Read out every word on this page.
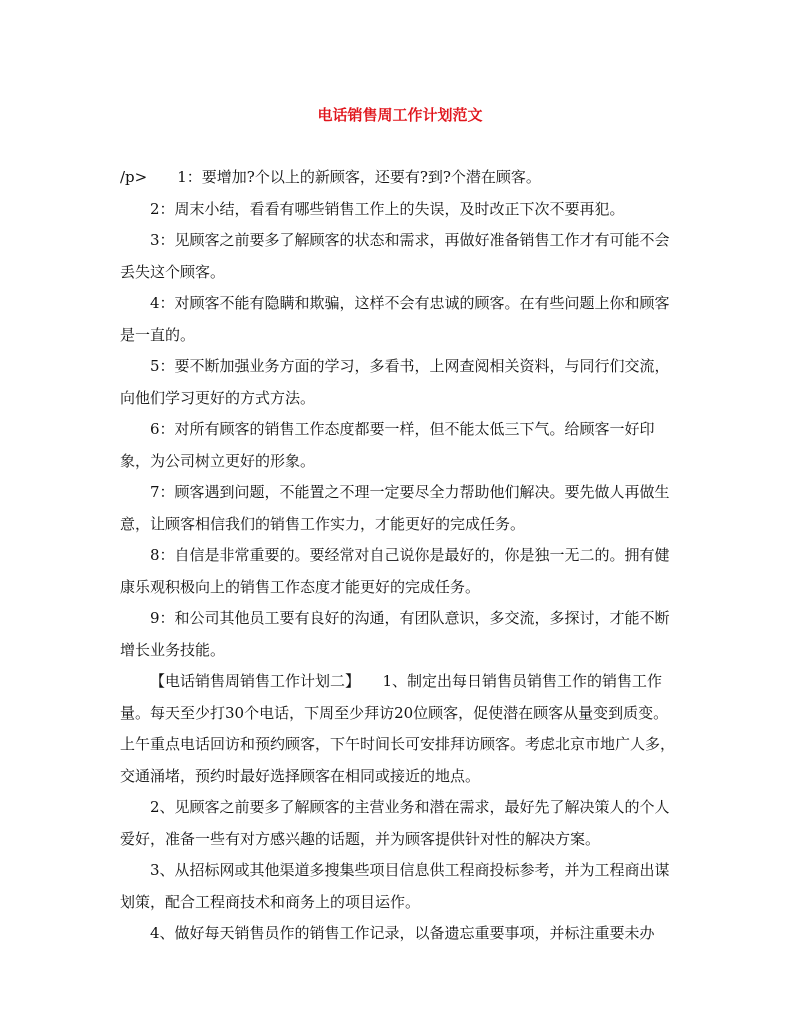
电话销售周工作计划范文

/p> 1：要增加?个以上的新顾客，还要有?到?个潜在顾客。

2：周末小结，看看有哪些销售工作上的失误，及时改正下次不要再犯。

3：见顾客之前要多了解顾客的状态和需求，再做好准备销售工作才有可能不会丢失这个顾客。

4：对顾客不能有隐瞒和欺骗，这样不会有忠诚的顾客。在有些问题上你和顾客是一直的。

5：要不断加强业务方面的学习，多看书，上网查阅相关资料，与同行们交流，向他们学习更好的方式方法。

6：对所有顾客的销售工作态度都要一样，但不能太低三下气。给顾客一好印象，为公司树立更好的形象。

7：顾客遇到问题，不能置之不理一定要尽全力帮助他们解决。要先做人再做生意，让顾客相信我们的销售工作实力，才能更好的完成任务。

8：自信是非常重要的。要经常对自己说你是最好的，你是独一无二的。拥有健康乐观积极向上的销售工作态度才能更好的完成任务。

9：和公司其他员工要有良好的沟通，有团队意识，多交流，多探讨，才能不断增长业务技能。

【电话销售周销售工作计划二】　　1、制定出每日销售员销售工作的销售工作量。每天至少打30个电话，下周至少拜访20位顾客，促使潜在顾客从量变到质变。上午重点电话回访和预约顾客，下午时间长可安排拜访顾客。考虑北京市地广人多，交通涌堵，预约时最好选择顾客在相同或接近的地点。

2、见顾客之前要多了解顾客的主营业务和潜在需求，最好先了解决策人的个人爱好，准备一些有对方感兴趣的话题，并为顾客提供针对性的解决方案。

3、从招标网或其他渠道多搜集些项目信息供工程商投标参考，并为工程商出谋划策，配合工程商技术和商务上的项目运作。

4、做好每天销售员作的销售工作记录，以备遗忘重要事项，并标注重要未办
